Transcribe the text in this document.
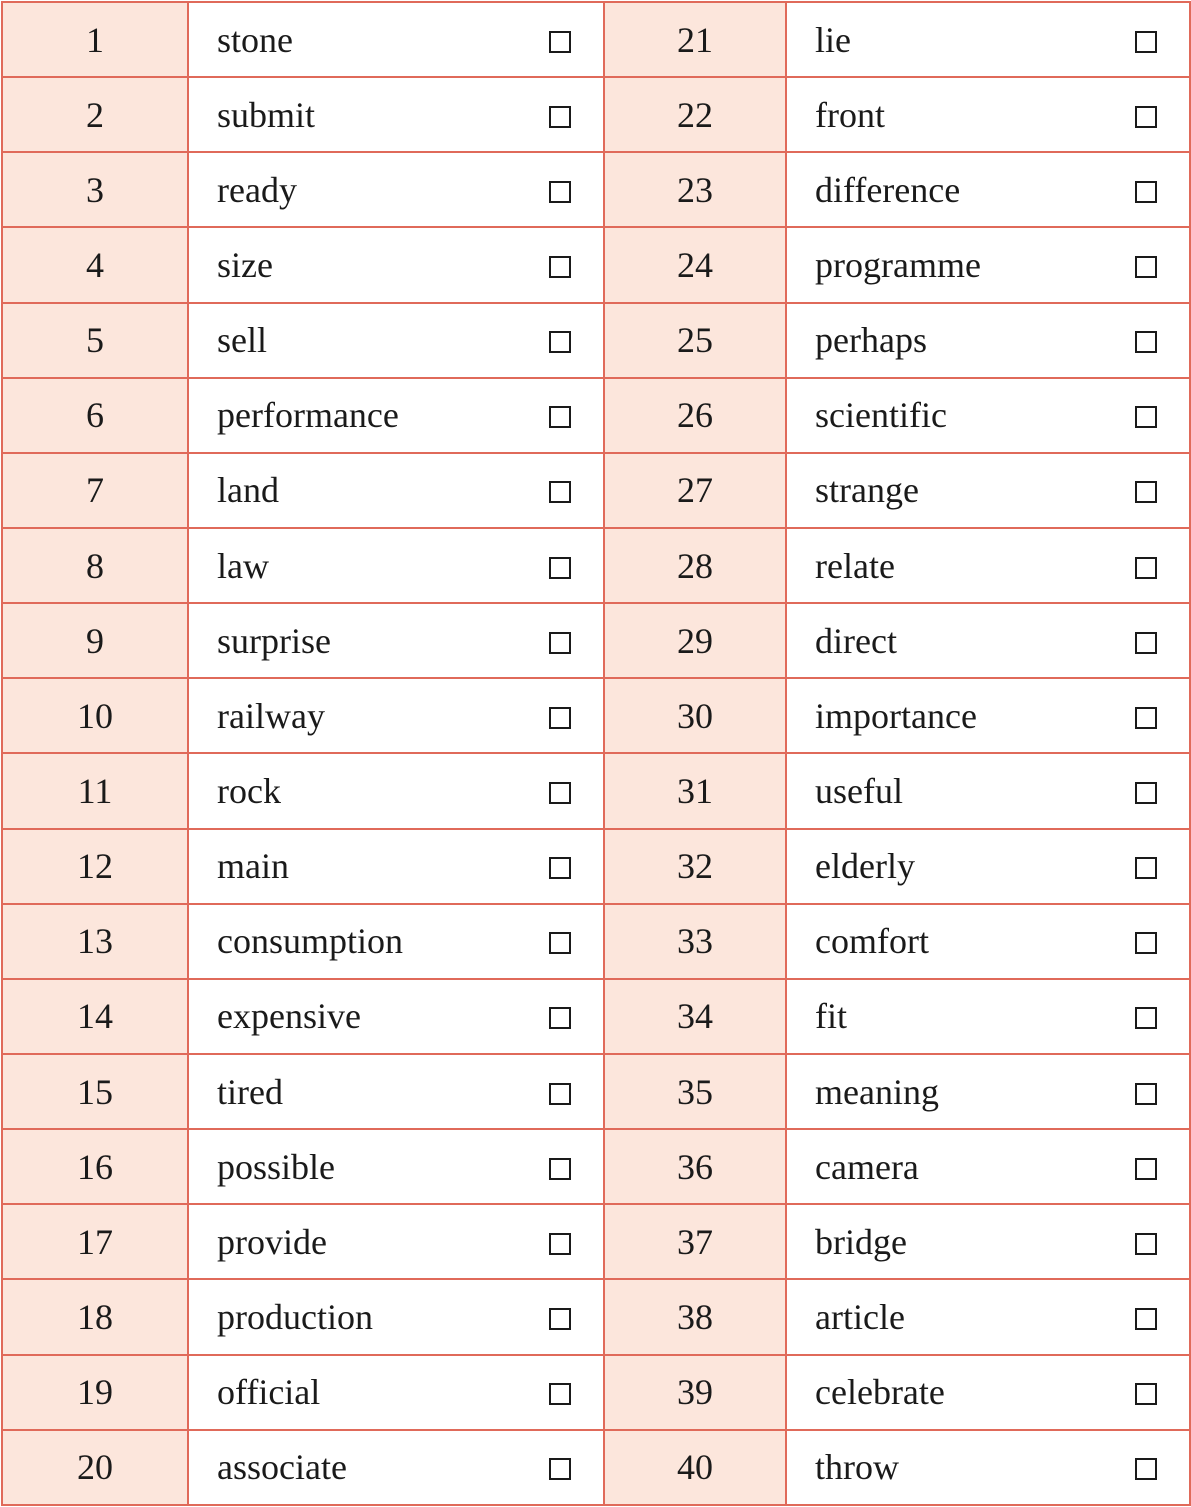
1	stone	21	lie

2	submit	22	front

3	ready	23	difference

4	size	24	programme

5	sell	25	perhaps

6	performance	26	scientific

7	land	27	strange

8	law	28	relate

9	surprise	29	direct

10	railway	30	importance

11	rock	31	useful

12	main	32	elderly

13	consumption	33	comfort

14	expensive	34	fit

15	tired	35	meaning

16	possible	36	camera

17	provide	37	bridge

18	production	38	article

19	official	39	celebrate

20	associate	40	throw
